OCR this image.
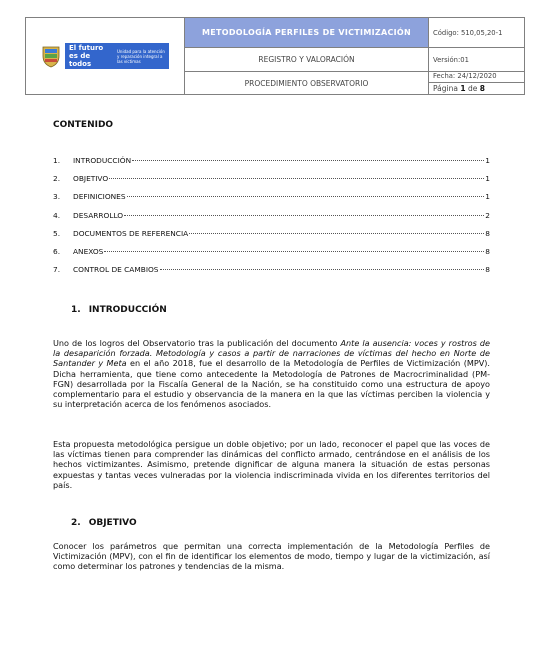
El futuro es de todos
Unidad para la atención y reparación integral a las víctimas
METODOLOGÍA PERFILES DE VICTIMIZACIÓN
REGISTRO Y VALORACIÓN
PROCEDIMIENTO OBSERVATORIO
Código: 510,05,20-1
Versión:01
Fecha: 24/12/2020
Página 1 de 8
CONTENIDO
1.	INTRODUCCIÓN	1
2.	OBJETIVO	1
3.	DEFINICIONES	1
4.	DESARROLLO	2
5.	DOCUMENTOS DE REFERENCIA	8
6.	ANEXOS	8
7.	CONTROL DE CAMBIOS	8
1. INTRODUCCIÓN

Uno de los logros del Observatorio tras la publicación del documento Ante la ausencia: voces y rostros de la desaparición forzada. Metodología y casos a partir de narraciones de víctimas del hecho en Norte de Santander y Meta en el año 2018, fue el desarrollo de la Metodología de Perfiles de Victimización (MPV). Dicha herramienta, que tiene como antecedente la Metodología de Patrones de Macrocriminalidad (PM-FGN) desarrollada por la Fiscalía General de la Nación, se ha constituido como una estructura de apoyo complementario para el estudio y observancia de la manera en la que las víctimas perciben la violencia y su interpretación acerca de los fenómenos asociados.

Esta propuesta metodológica persigue un doble objetivo; por un lado, reconocer el papel que las voces de las víctimas tienen para comprender las dinámicas del conflicto armado, centrándose en el análisis de los hechos victimizantes. Asimismo, pretende dignificar de alguna manera la situación de estas personas expuestas y tantas veces vulneradas por la violencia indiscriminada vivida en los diferentes territorios del país.

2. OBJETIVO

Conocer los parámetros que permitan una correcta implementación de la Metodología Perfiles de Victimización (MPV), con el fin de identificar los elementos de modo, tiempo y lugar de la victimización, así como determinar los patrones y tendencias de la misma.
